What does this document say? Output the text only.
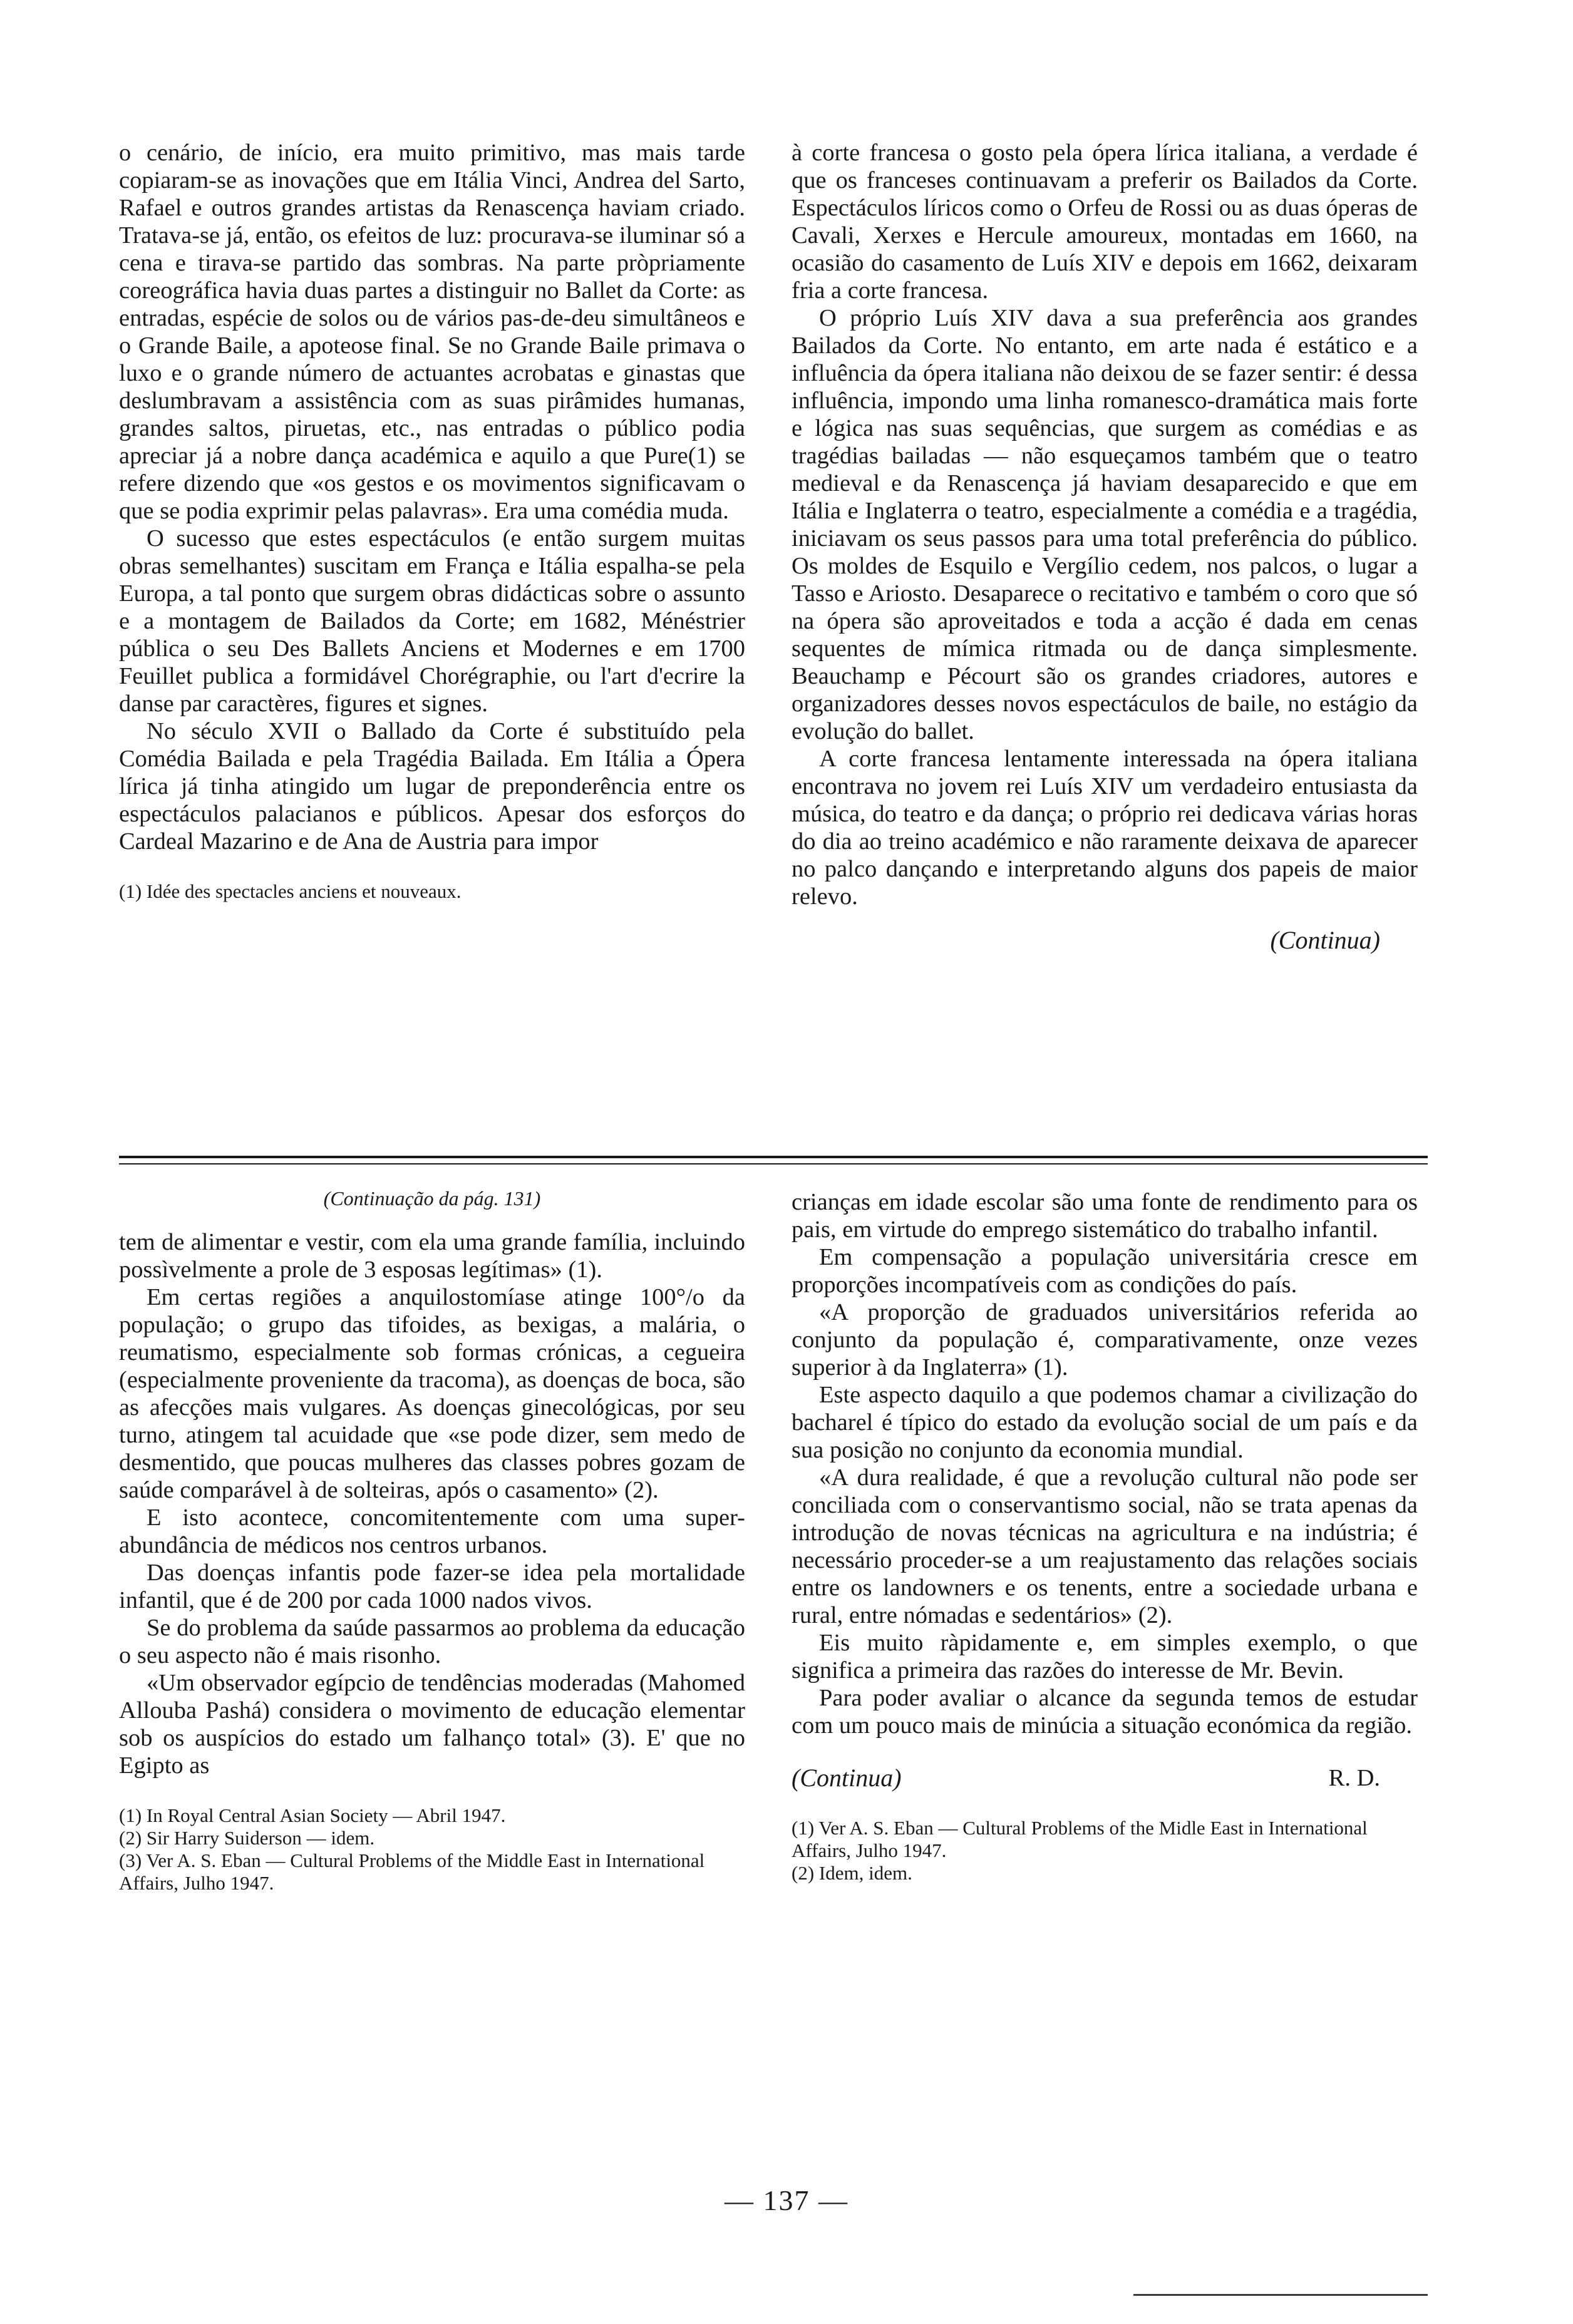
o cenário, de início, era muito primitivo, mas mais tarde copiaram-se as inovações que em Itália Vinci, Andrea del Sarto, Rafael e outros grandes artistas da Renascença haviam criado. Tratava-se já, então, os efeitos de luz: procurava-se iluminar só a cena e tirava-se partido das sombras. Na parte pròpriamente coreográfica havia duas partes a distinguir no Ballet da Corte: as entradas, espécie de solos ou de vários pas-de-deu simultâneos e o Grande Baile, a apoteose final. Se no Grande Baile primava o luxo e o grande número de actuantes acrobatas e ginastas que deslumbravam a assistência com as suas pirâmides humanas, grandes saltos, piruetas, etc., nas entradas o público podia apreciar já a nobre dança académica e aquilo a que Pure(1) se refere dizendo que «os gestos e os movimentos significavam o que se podia exprimir pelas palavras». Era uma comédia muda.

O sucesso que estes espectáculos (e então surgem muitas obras semelhantes) suscitam em França e Itália espalha-se pela Europa, a tal ponto que surgem obras didácticas sobre o assunto e a montagem de Bailados da Corte; em 1682, Ménéstrier pública o seu Des Ballets Anciens et Modernes e em 1700 Feuillet publica a formidável Chorégraphie, ou l'art d'ecrire la danse par caractères, figures et signes.

No século XVII o Ballado da Corte é substituído pela Comédia Bailada e pela Tragédia Bailada. Em Itália a Ópera lírica já tinha atingido um lugar de preponderência entre os espectáculos palacianos e públicos. Apesar dos esforços do Cardeal Mazarino e de Ana de Austria para impor

(1) Idée des spectacles anciens et nouveaux.

à corte francesa o gosto pela ópera lírica italiana, a verdade é que os franceses continuavam a preferir os Bailados da Corte. Espectáculos líricos como o Orfeu de Rossi ou as duas óperas de Cavali, Xerxes e Hercule amoureux, montadas em 1660, na ocasião do casamento de Luís XIV e depois em 1662, deixaram fria a corte francesa.

O próprio Luís XIV dava a sua preferência aos grandes Bailados da Corte. No entanto, em arte nada é estático e a influência da ópera italiana não deixou de se fazer sentir: é dessa influência, impondo uma linha romanesco-dramática mais forte e lógica nas suas sequências, que surgem as comédias e as tragédias bailadas — não esqueçamos também que o teatro medieval e da Renascença já haviam desaparecido e que em Itália e Inglaterra o teatro, especialmente a comédia e a tragédia, iniciavam os seus passos para uma total preferência do público. Os moldes de Esquilo e Vergílio cedem, nos palcos, o lugar a Tasso e Ariosto. Desaparece o recitativo e também o coro que só na ópera são aproveitados e toda a acção é dada em cenas sequentes de mímica ritmada ou de dança simplesmente. Beauchamp e Pécourt são os grandes criadores, autores e organizadores desses novos espectáculos de baile, no estágio da evolução do ballet.

A corte francesa lentamente interessada na ópera italiana encontrava no jovem rei Luís XIV um verdadeiro entusiasta da música, do teatro e da dança; o próprio rei dedicava várias horas do dia ao treino académico e não raramente deixava de aparecer no palco dançando e interpretando alguns dos papeis de maior relevo.

(Continua)
(Continuação da pág. 131)

tem de alimentar e vestir, com ela uma grande família, incluindo possìvelmente a prole de 3 esposas legítimas» (1).

Em certas regiões a anquilostomíase atinge 100°/o da população; o grupo das tifoides, as bexigas, a malária, o reumatismo, especialmente sob formas crónicas, a cegueira (especialmente proveniente da tracoma), as doenças de boca, são as afecções mais vulgares. As doenças ginecológicas, por seu turno, atingem tal acuidade que «se pode dizer, sem medo de desmentido, que poucas mulheres das classes pobres gozam de saúde comparável à de solteiras, após o casamento» (2).

E isto acontece, concomitentemente com uma super-abundância de médicos nos centros urbanos.

Das doenças infantis pode fazer-se idea pela mortalidade infantil, que é de 200 por cada 1000 nados vivos.

Se do problema da saúde passarmos ao problema da educação o seu aspecto não é mais risonho.

«Um observador egípcio de tendências moderadas (Mahomed Allouba Pashá) considera o movimento de educação elementar sob os auspícios do estado um falhanço total» (3). E' que no Egipto as

(1) In Royal Central Asian Society — Abril 1947.

(2) Sir Harry Suiderson — idem.

(3) Ver A. S. Eban — Cultural Problems of the Middle East in International Affairs, Julho 1947.

crianças em idade escolar são uma fonte de rendimento para os pais, em virtude do emprego sistemático do trabalho infantil.

Em compensação a população universitária cresce em proporções incompatíveis com as condições do país.

«A proporção de graduados universitários referida ao conjunto da população é, comparativamente, onze vezes superior à da Inglaterra» (1).

Este aspecto daquilo a que podemos chamar a civilização do bacharel é típico do estado da evolução social de um país e da sua posição no conjunto da economia mundial.

«A dura realidade, é que a revolução cultural não pode ser conciliada com o conservantismo social, não se trata apenas da introdução de novas técnicas na agricultura e na indústria; é necessário proceder-se a um reajustamento das relações sociais entre os landowners e os tenents, entre a sociedade urbana e rural, entre nómadas e sedentários» (2).

Eis muito ràpidamente e, em simples exemplo, o que significa a primeira das razões do interesse de Mr. Bevin.

Para poder avaliar o alcance da segunda temos de estudar com um pouco mais de minúcia a situação económica da região.

(Continua)	R. D.

(1) Ver A. S. Eban — Cultural Problems of the Midle East in International Affairs, Julho 1947.

(2) Idem, idem.

— 137 —
